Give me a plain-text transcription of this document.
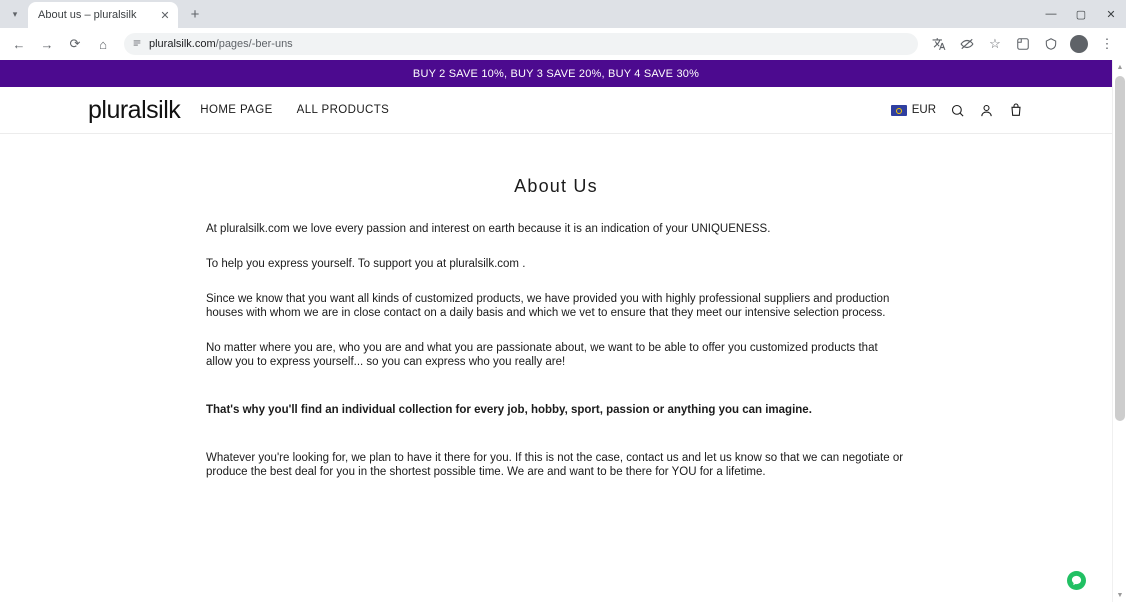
▾	About us – pluralsilk	✕	+	—	▢	✕
←	→	⟳	⌂	pluralsilk.com/pages/-ber-uns	☆	⋮
BUY 2 SAVE 10%, BUY 3 SAVE 20%, BUY 4 SAVE 30%
pluralsilk HOME PAGE ALL PRODUCTS	EUR
About Us

At pluralsilk.com we love every passion and interest on earth because it is an indication of your UNIQUENESS.

To help you express yourself. To support you at pluralsilk.com .

Since we know that you want all kinds of customized products, we have provided you with highly professional suppliers and production houses with whom we are in close contact on a daily basis and which we vet to ensure that they meet our intensive selection process.

No matter where you are, who you are and what you are passionate about, we want to be able to offer you customized products that allow you to express yourself... so you can express who you really are!

That's why you'll find an individual collection for every job, hobby, sport, passion or anything you can imagine.

Whatever you're looking for, we plan to have it there for you. If this is not the case, contact us and let us know so that we can negotiate or produce the best deal for you in the shortest possible time. We are and want to be there for YOU for a lifetime.

▲
▼
